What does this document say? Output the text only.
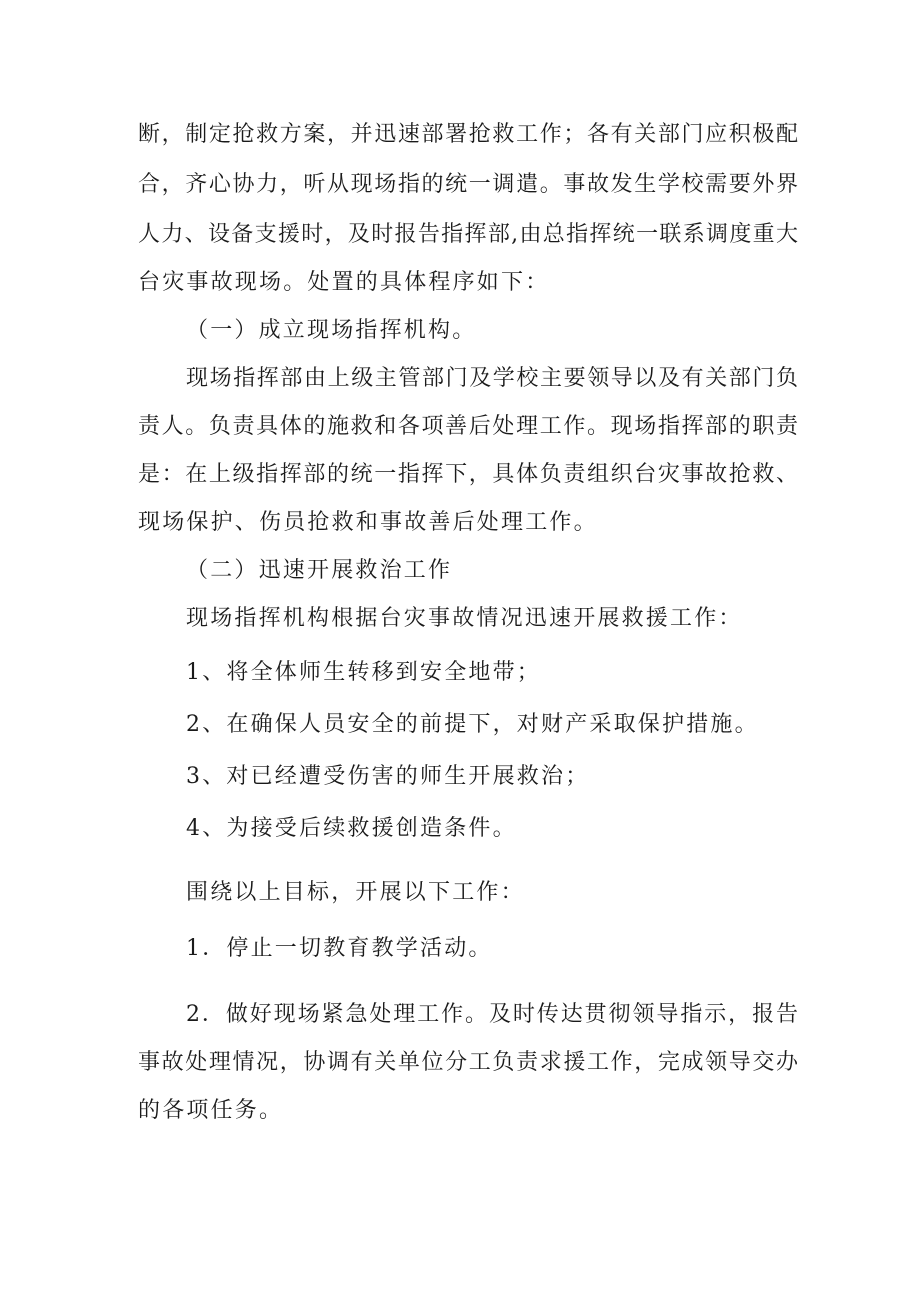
断，制定抢救方案，并迅速部署抢救工作；各有关部门应积极配
合，齐心协力，听从现场指的统一调遣。事故发生学校需要外界
人力、设备支援时，及时报告指挥部,由总指挥统一联系调度重大
台灾事故现场。处置的具体程序如下：
（一）成立现场指挥机构。
现场指挥部由上级主管部门及学校主要领导以及有关部门负
责人。负责具体的施救和各项善后处理工作。现场指挥部的职责
是：在上级指挥部的统一指挥下，具体负责组织台灾事故抢救、
现场保护、伤员抢救和事故善后处理工作。
（二）迅速开展救治工作
现场指挥机构根据台灾事故情况迅速开展救援工作：
1、将全体师生转移到安全地带；
2、在确保人员安全的前提下，对财产采取保护措施。
3、对已经遭受伤害的师生开展救治；
4、为接受后续救援创造条件。
围绕以上目标，开展以下工作：
1．停止一切教育教学活动。
2．做好现场紧急处理工作。及时传达贯彻领导指示，报告
事故处理情况，协调有关单位分工负责求援工作，完成领导交办
的各项任务。
